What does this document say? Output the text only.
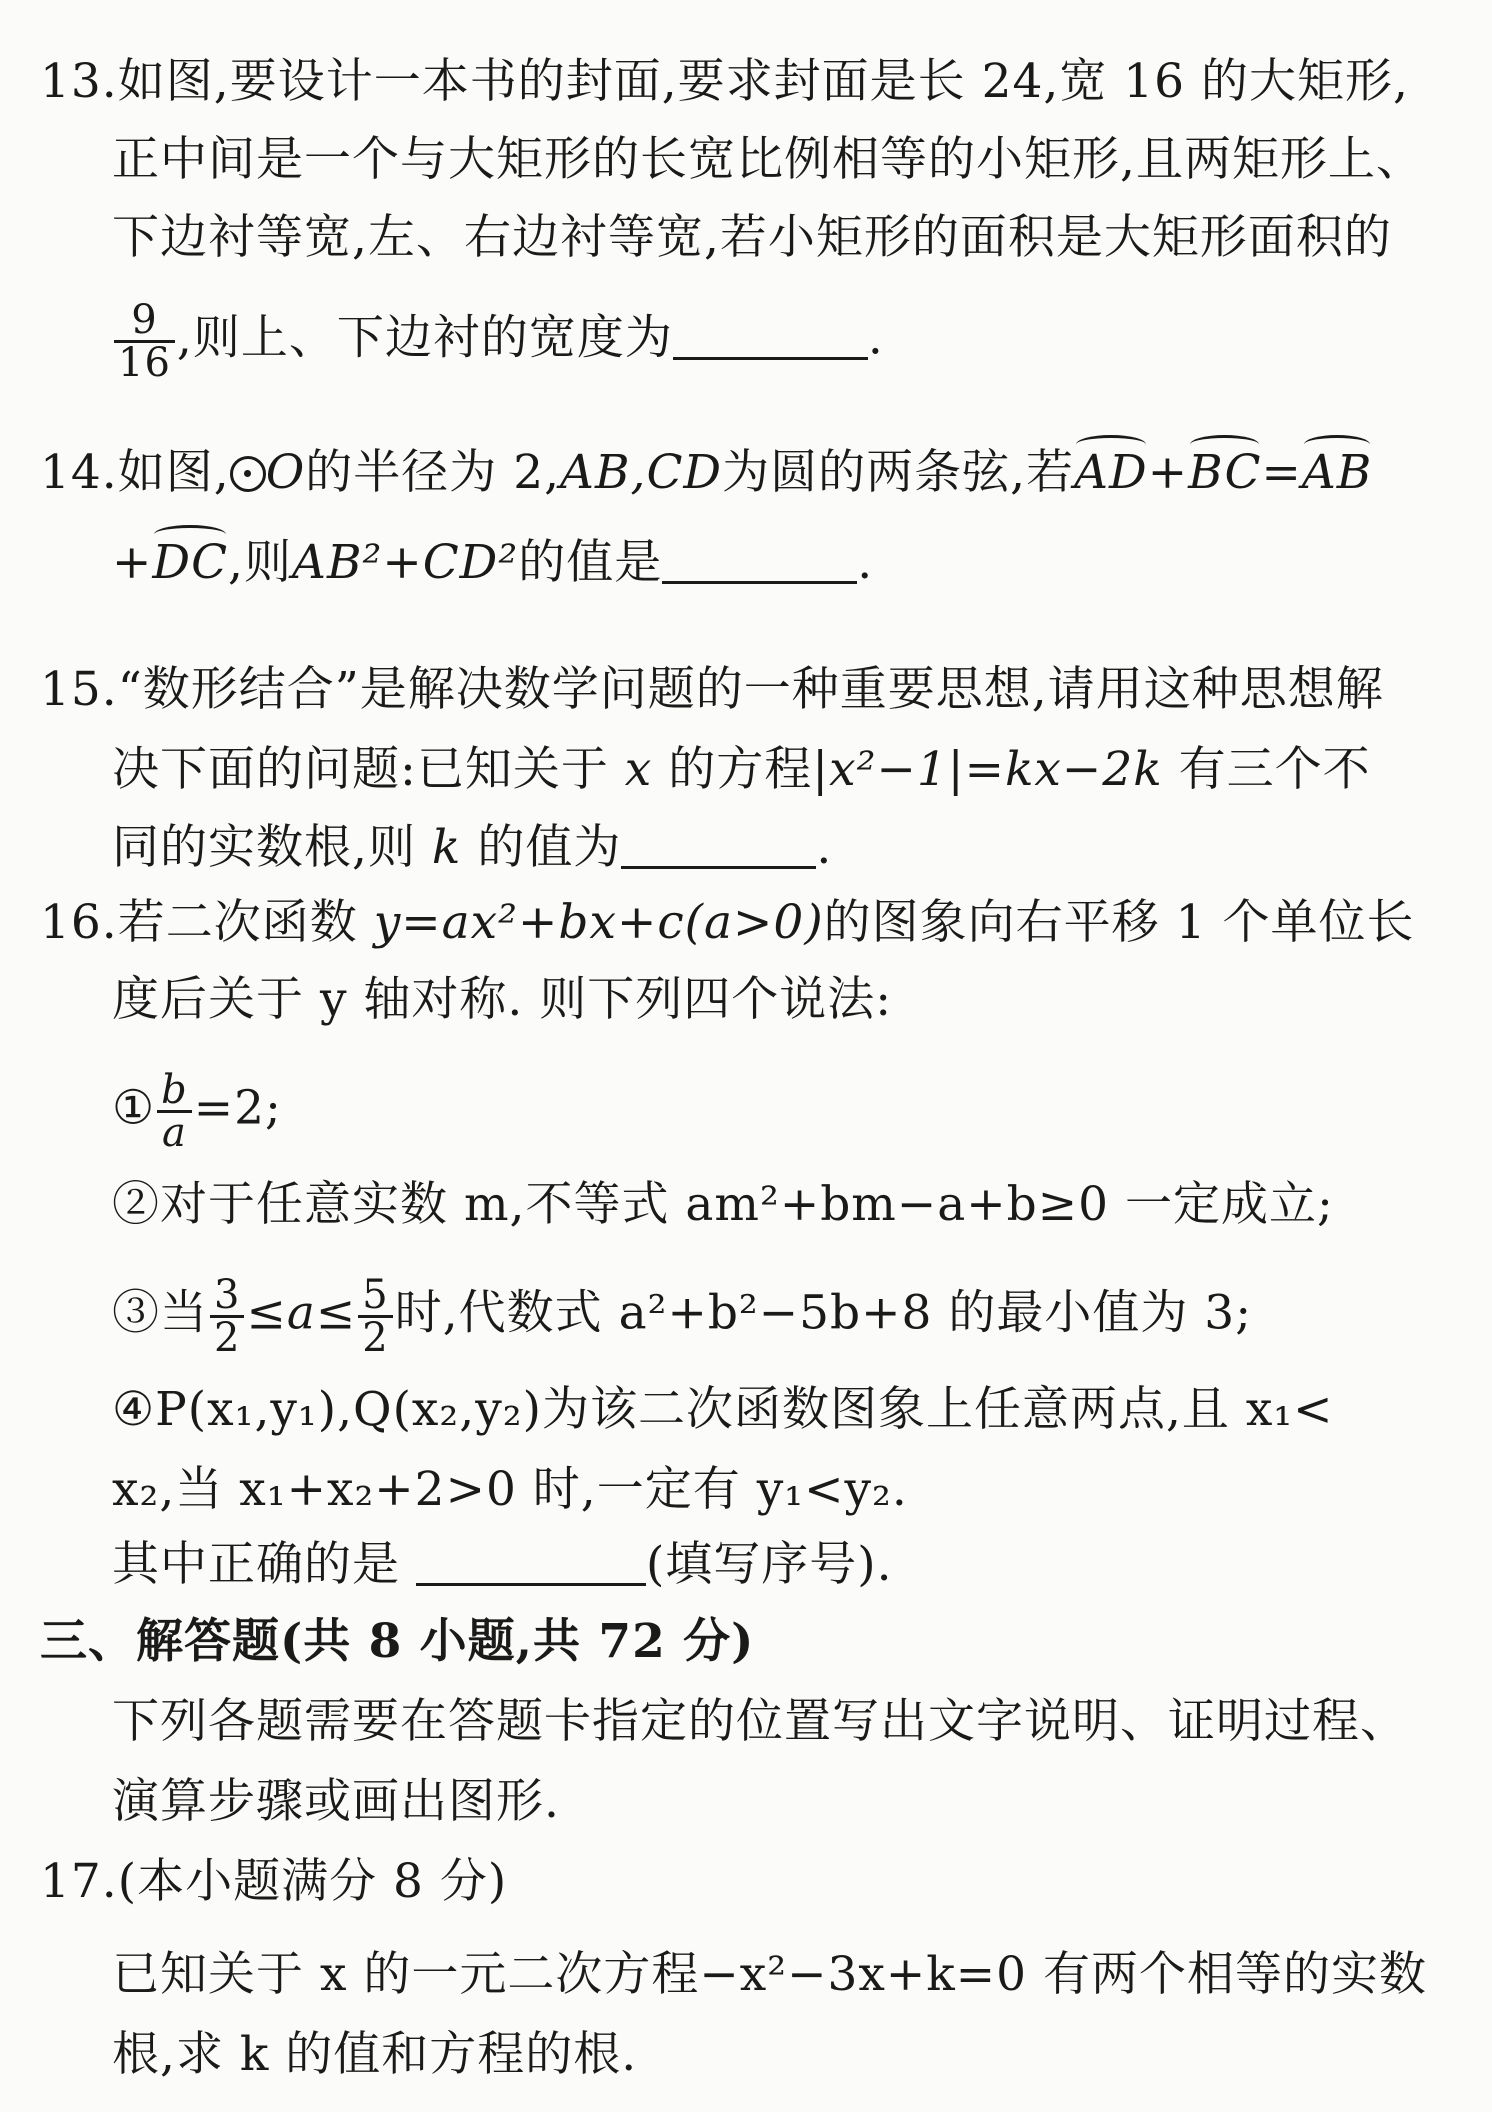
13.如图,要设计一本书的封面,要求封面是长 24,宽 16 的大矩形,
正中间是一个与大矩形的长宽比例相等的小矩形,且两矩形上、
下边衬等宽,左、右边衬等宽,若小矩形的面积是大矩形面积的
$\frac{9}{16}$ ,则上、下边衬的宽度为	.
14.如图, O的半径为 2,AB,CD为圆的两条弦,若AD+BC=AB
+DC,则AB²+CD²的值是	.
15.“数形结合”是解决数学问题的一种重要思想,请用这种思想解
决下面的问题:已知关于 x 的方程|x²−1|=kx−2k 有三个不
同的实数根,则 k 的值为	.
16.若二次函数 y=ax²+bx+c(a>0)的图象向右平移 1 个单位长
度后关于 y 轴对称. 则下列四个说法:
① $\frac{b}{a} =2$;
②对于任意实数 m,不等式 am²+bm−a+b≥0 一定成立;
③当 $\frac{3}{2} \le a\le \frac{5}{2}$ 时,代数式 a²+b²−5b+8 的最小值为 3;
④P(x₁,y₁),Q(x₂,y₂)为该二次函数图象上任意两点,且 x₁<
x₂,当 x₁+x₂+2>0 时,一定有 y₁<y₂.
其中正确的是	(填写序号).
三、解答题(共 8 小题,共 72 分)
下列各题需要在答题卡指定的位置写出文字说明、证明过程、
演算步骤或画出图形.
17.(本小题满分 8 分)
已知关于 x 的一元二次方程−x²−3x+k=0 有两个相等的实数
根,求 k 的值和方程的根.
